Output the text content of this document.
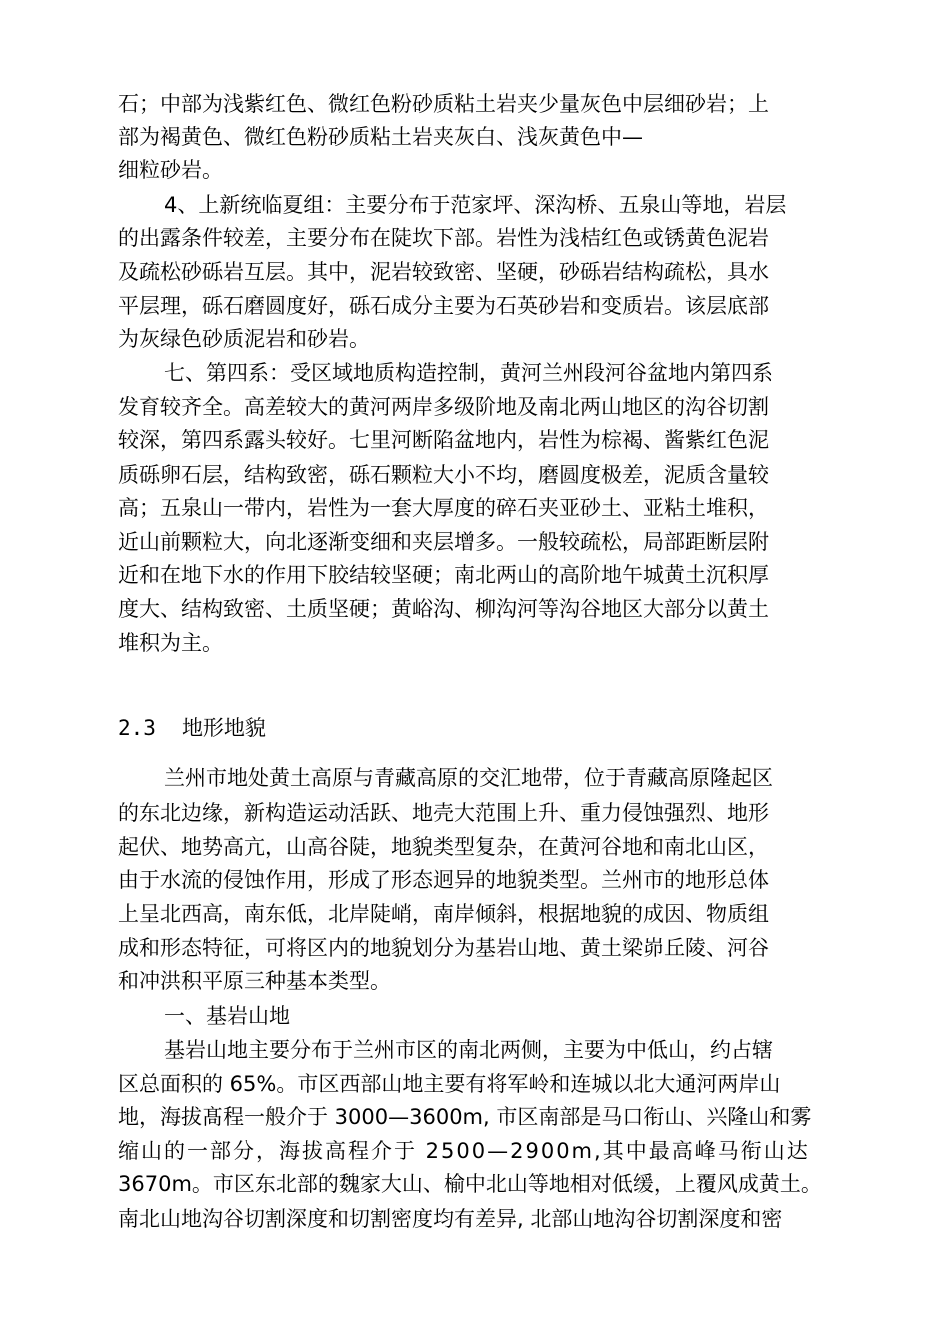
石；中部为浅紫红色、微红色粉砂质粘土岩夹少量灰色中层细砂岩；上
部为褐黄色、微红色粉砂质粘土岩夹灰白、浅灰黄色中—
细粒砂岩。
4、上新统临夏组：主要分布于范家坪、深沟桥、五泉山等地，岩层
的出露条件较差，主要分布在陡坎下部。岩性为浅桔红色或锈黄色泥岩
及疏松砂砾岩互层。其中，泥岩较致密、坚硬，砂砾岩结构疏松，具水
平层理，砾石磨圆度好，砾石成分主要为石英砂岩和变质岩。该层底部
为灰绿色砂质泥岩和砂岩。
七、第四系：受区域地质构造控制，黄河兰州段河谷盆地内第四系
发育较齐全。高差较大的黄河两岸多级阶地及南北两山地区的沟谷切割
较深，第四系露头较好。七里河断陷盆地内，岩性为棕褐、酱紫红色泥
质砾卵石层，结构致密，砾石颗粒大小不均，磨圆度极差，泥质含量较
高；五泉山一带内，岩性为一套大厚度的碎石夹亚砂土、亚粘土堆积，
近山前颗粒大，向北逐渐变细和夹层增多。一般较疏松，局部距断层附
近和在地下水的作用下胶结较坚硬；南北两山的高阶地午城黄土沉积厚
度大、结构致密、土质坚硬；黄峪沟、柳沟河等沟谷地区大部分以黄土
堆积为主。
2.3 地形地貌
兰州市地处黄土高原与青藏高原的交汇地带，位于青藏高原隆起区
的东北边缘，新构造运动活跃、地壳大范围上升、重力侵蚀强烈、地形
起伏、地势高亢，山高谷陡，地貌类型复杂，在黄河谷地和南北山区，
由于水流的侵蚀作用，形成了形态迥异的地貌类型。兰州市的地形总体
上呈北西高，南东低，北岸陡峭，南岸倾斜，根据地貌的成因、物质组
成和形态特征，可将区内的地貌划分为基岩山地、黄土梁峁丘陵、河谷
和冲洪积平原三种基本类型。
一、基岩山地
基岩山地主要分布于兰州市区的南北两侧，主要为中低山，约占辖
区总面积的 65%。市区西部山地主要有将军岭和连城以北大通河两岸山
地，海拔髙程一般介于 3000—3600m, 市区南部是马口衔山、兴隆山和雾
缩山的一部分，海拔高程介于 2500—2900m,其中最高峰马衔山达
3670m。市区东北部的魏家大山、榆中北山等地相对低缓，上覆风成黄土。
南北山地沟谷切割深度和切割密度均有差异, 北部山地沟谷切割深度和密
